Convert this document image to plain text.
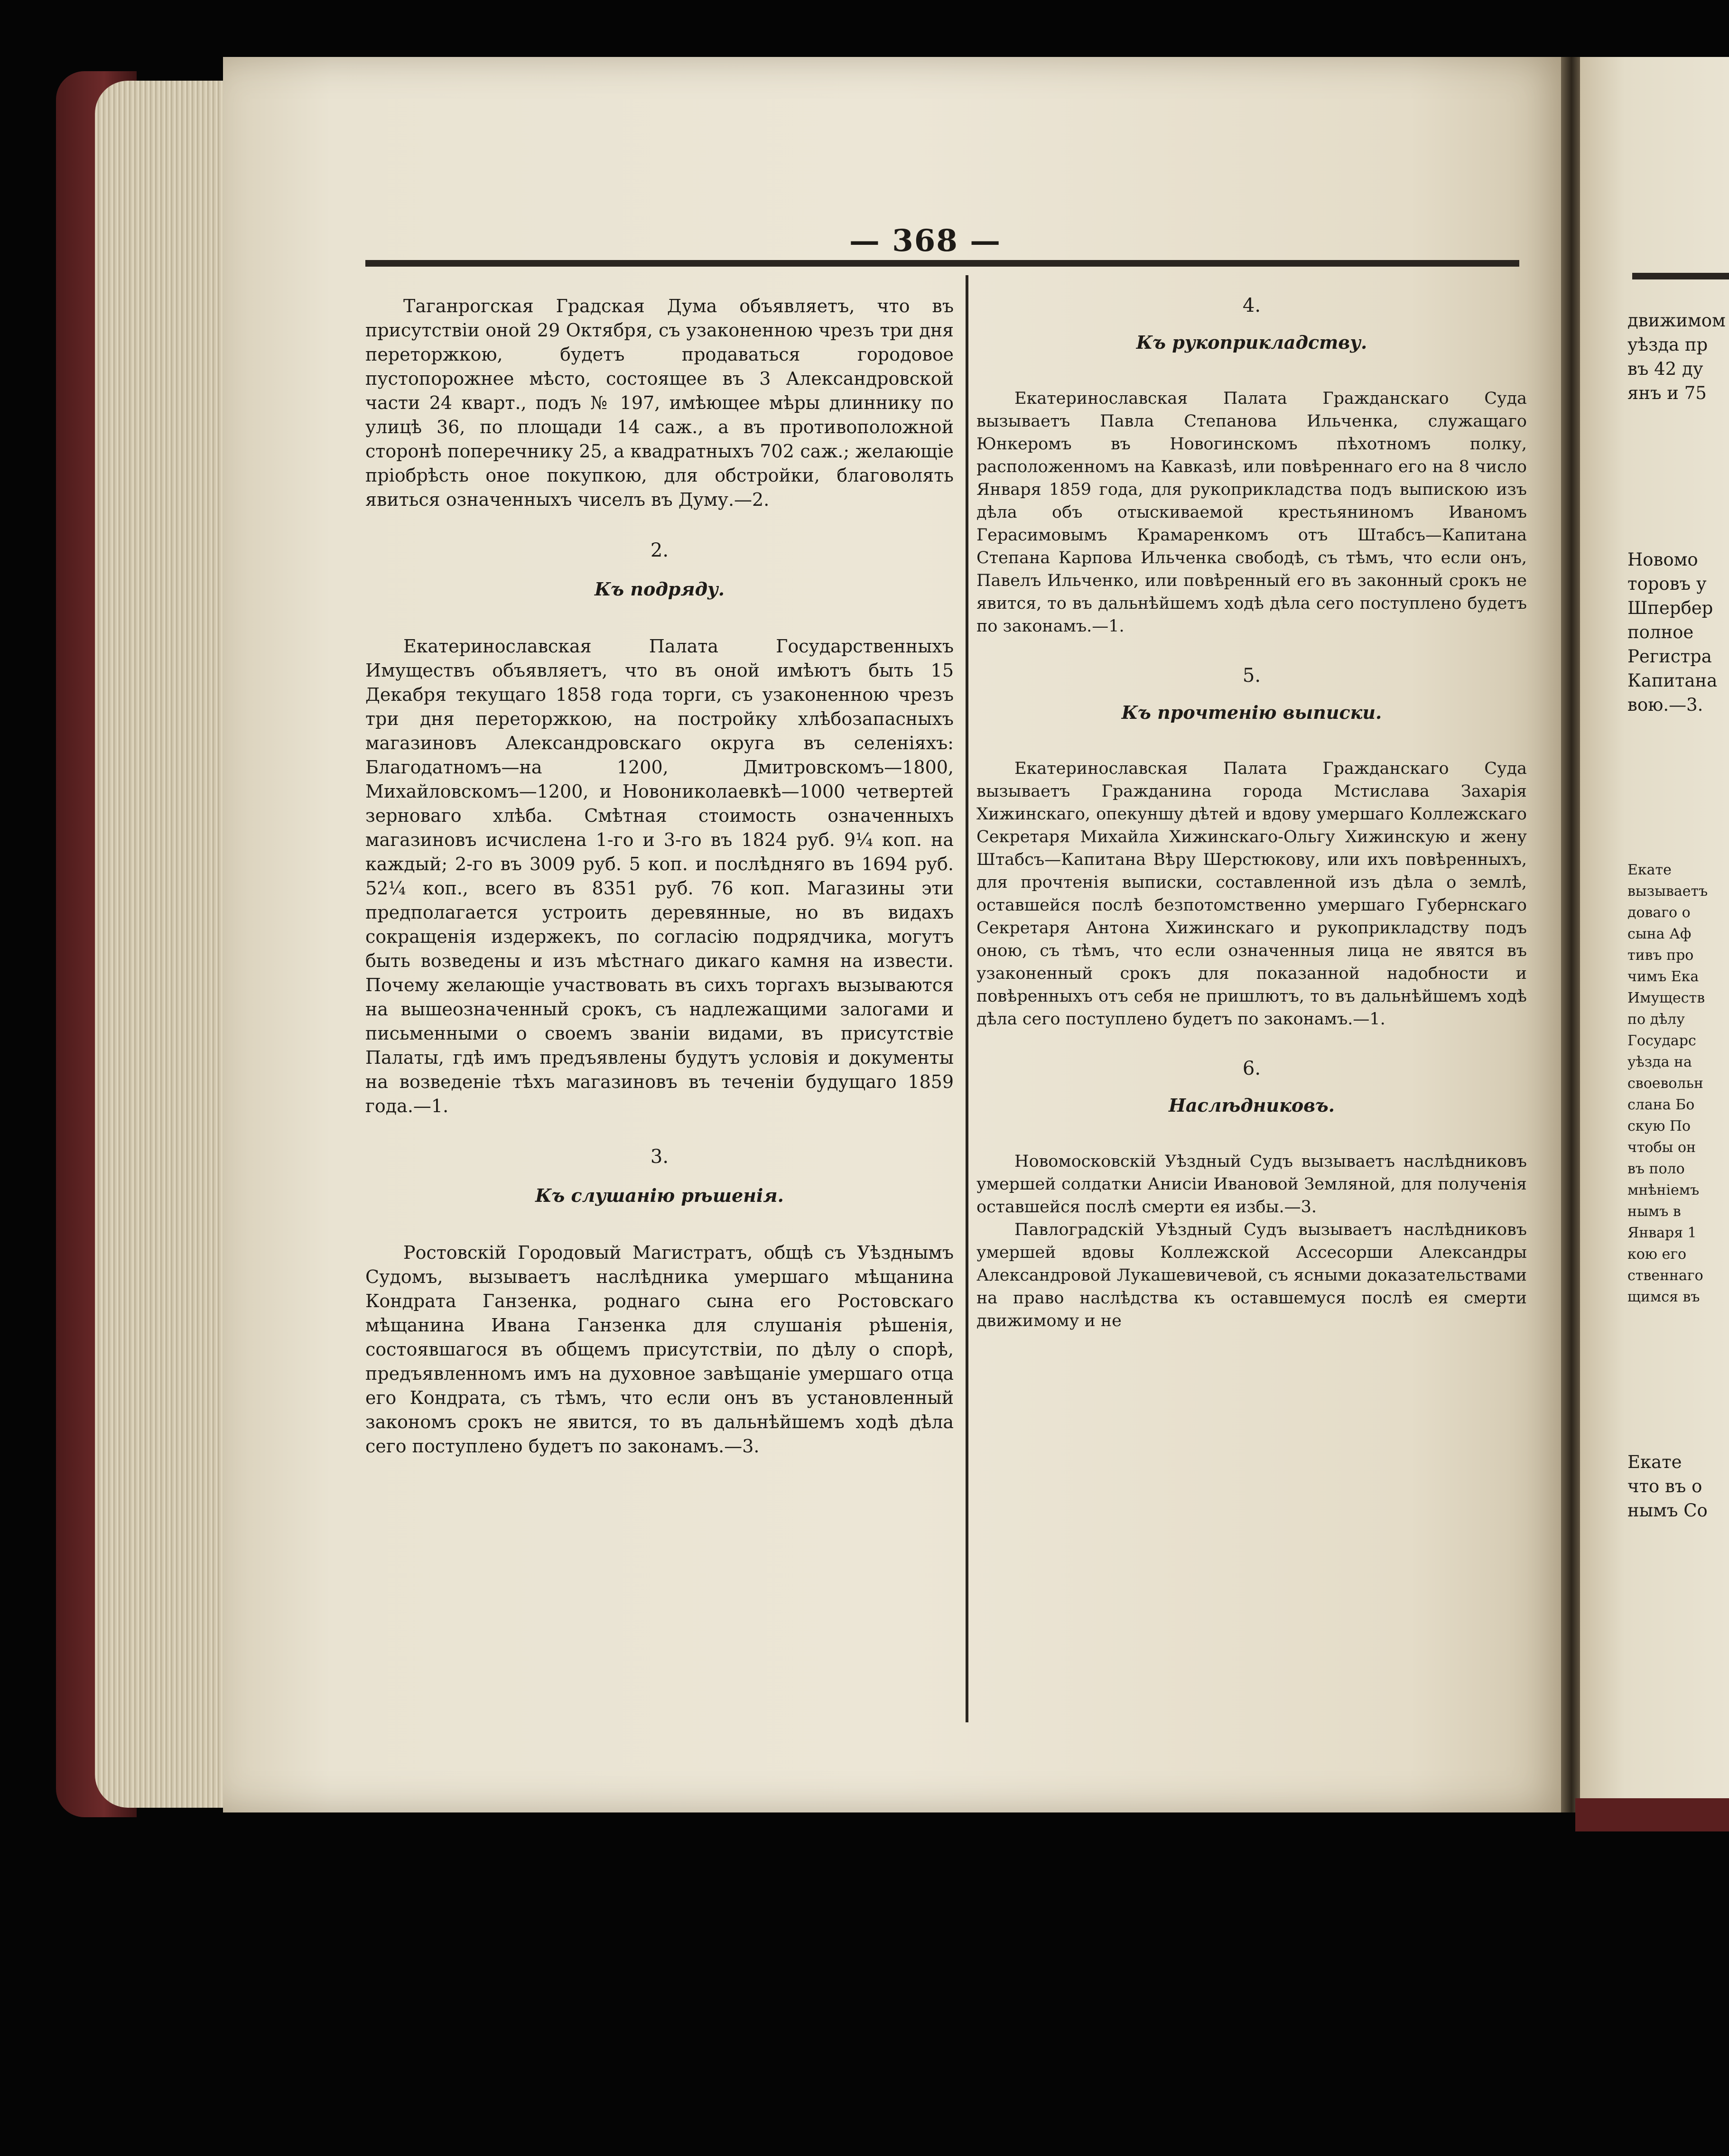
— 368 —

Таганрогская Градская Дума объявляетъ, что въ присутствіи оной 29 Октября, съ узаконенною чрезъ три дня переторжкою, будетъ продаваться городовое пустопорожнее мѣсто, состоящее въ 3 Александровской части 24 кварт., подъ № 197, имѣющее мѣры длиннику по улицѣ 36, по площади 14 саж., а въ противоположной сторонѣ поперечнику 25, а квадратныхъ 702 саж.; желающіе пріобрѣсть оное покупкою, для обстройки, благоволять явиться означенныхъ чиселъ въ Думу.—2.

2.
Къ подряду.

Екатеринославская Палата Государственныхъ Имуществъ объявляетъ, что въ оной имѣютъ быть 15 Декабря текущаго 1858 года торги, съ узаконенною чрезъ три дня переторжкою, на постройку хлѣбозапасныхъ магазиновъ Александровскаго округа въ селеніяхъ: Благодатномъ—на 1200, Дмитровскомъ—1800, Михайловскомъ—1200, и Новониколаевкѣ—1000 четвертей зерноваго хлѣба. Смѣтная стоимость означенныхъ магазиновъ исчислена 1-го и 3-го въ 1824 руб. 9¼ коп. на каждый; 2-го въ 3009 руб. 5 коп. и послѣдняго въ 1694 руб. 52¼ коп., всего въ 8351 руб. 76 коп. Магазины эти предполагается устроить деревянные, но въ видахъ сокращенія издержекъ, по согласію подрядчика, могутъ быть возведены и изъ мѣстнаго дикаго камня на извести. Почему желающіе участвовать въ сихъ торгахъ вызываются на вышеозначенный срокъ, съ надлежащими залогами и письменными о своемъ званіи видами, въ присутствіе Палаты, гдѣ имъ предъявлены будутъ условія и документы на возведеніе тѣхъ магазиновъ въ теченіи будущаго 1859 года.—1.

3.
Къ слушанію рѣшенія.

Ростовскій Городовый Магистратъ, общѣ съ Уѣзднымъ Судомъ, вызываетъ наслѣдника умершаго мѣщанина Кондрата Ганзенка, роднаго сына его Ростовскаго мѣщанина Ивана Ганзенка для слушанія рѣшенія, состоявшагося въ общемъ присутствіи, по дѣлу о спорѣ, предъявленномъ имъ на духовное завѣщаніе умершаго отца его Кондрата, съ тѣмъ, что если онъ въ установленный закономъ срокъ не явится, то въ дальнѣйшемъ ходѣ дѣла сего поступлено будетъ по законамъ.—3.

4.
Къ рукоприкладству.

Екатеринославская Палата Гражданскаго Суда вызываетъ Павла Степанова Ильченка, служащаго Юнкеромъ въ Новогинскомъ пѣхотномъ полку, расположенномъ на Кавказѣ, или повѣреннаго его на 8 число Января 1859 года, для рукоприкладства подъ выпискою изъ дѣла объ отыскиваемой крестьяниномъ Иваномъ Герасимовымъ Крамаренкомъ отъ Штабсъ—Капитана Степана Карпова Ильченка свободѣ, съ тѣмъ, что если онъ, Павелъ Ильченко, или повѣренный его въ законный срокъ не явится, то въ дальнѣйшемъ ходѣ дѣла сего поступлено будетъ по законамъ.—1.

5.
Къ прочтенію выписки.

Екатеринославская Палата Гражданскаго Суда вызываетъ Гражданина города Мстислава Захарія Хижинскаго, опекуншу дѣтей и вдову умершаго Коллежскаго Секретаря Михайла Хижинскаго-Ольгу Хижинскую и жену Штабсъ—Капитана Вѣру Шерстюкову, или ихъ повѣренныхъ, для прочтенія выписки, составленной изъ дѣла о землѣ, оставшейся послѣ безпотомственно умершаго Губернскаго Секретаря Антона Хижинскаго и рукоприкладству подъ оною, съ тѣмъ, что если означенныя лица не явятся въ узаконенный срокъ для показанной надобности и повѣренныхъ отъ себя не пришлютъ, то въ дальнѣйшемъ ходѣ дѣла сего поступлено будетъ по законамъ.—1.

6.
Наслѣдниковъ.

Новомосковскій Уѣздный Судъ вызываетъ наслѣдниковъ умершей солдатки Анисіи Ивановой Земляной, для полученія оставшейся послѣ смерти ея избы.—3.

Павлоградскій Уѣздный Судъ вызываетъ наслѣдниковъ умершей вдовы Коллежской Ассесорши Александры Александровой Лукашевичевой, съ ясными доказательствами на право наслѣдства къ оставшемуся послѣ ея смерти движимому и не

движимом
уѣзда пр
въ 42 ду
янъ и 75
Новомо
торовъ у
Шпербер
полное
Регистра
Капитана
вою.—3.
Екате
вызываетъ
доваго о
сына Аф
тивъ про
чимъ Ека
Имуществ
по дѣлу
Государс
уѣзда на
своевольн
слана Бо
скую По
чтобы он
въ поло
мнѣніемъ
нымъ в
Января 1
кою его
ственнаго
щимся въ
Екате
что въ о
нымъ Со
